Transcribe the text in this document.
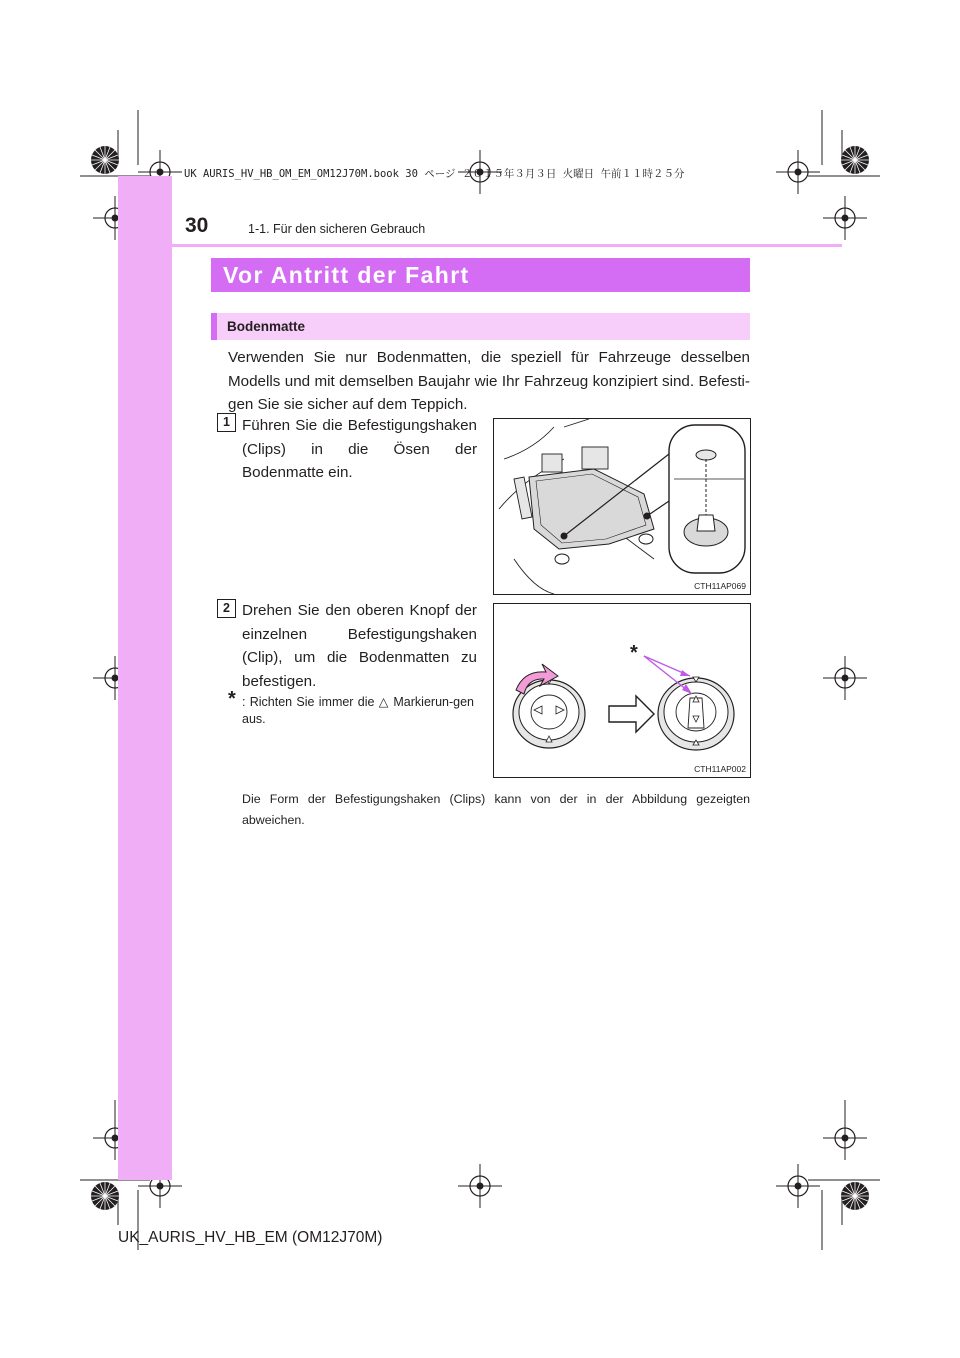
UK AURIS_HV_HB_OM_EM_OM12J70M.book 30 ページ ２０１５年３月３日 火曜日 午前１１時２５分
30	1-1. Für den sicheren Gebrauch
Vor Antritt der Fahrt
Bodenmatte

Verwenden Sie nur Bodenmatten, die speziell für Fahrzeuge desselben Modells und mit demselben Baujahr wie Ihr Fahrzeug konzipiert sind. Befesti-gen Sie sie sicher auf dem Teppich.

1 Führen Sie die Befestigungshaken (Clips) in die Ösen der Bodenmatte ein.

CTH11AP069
2 Drehen Sie den oberen Knopf der einzelnen Befestigungshaken (Clip), um die Bodenmatten zu befestigen.

* : Richten Sie immer die △ Markierun-gen aus.

*
CTH11AP002

Die Form der Befestigungshaken (Clips) kann von der in der Abbildung gezeigten abweichen.

UK_AURIS_HV_HB_EM (OM12J70M)
